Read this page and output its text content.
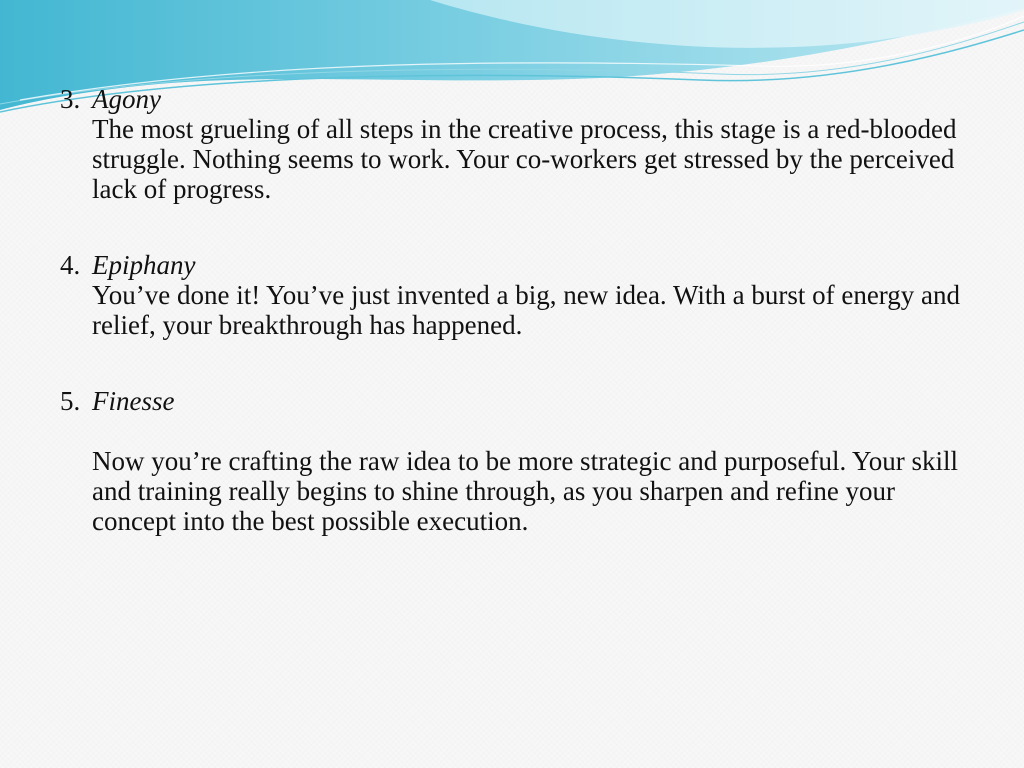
3. Agony
The most grueling of all steps in the creative process, this stage is a red-blooded struggle. Nothing seems to work. Your co-workers get stressed by the perceived lack of progress.
4. Epiphany
You’ve done it! You’ve just invented a big, new idea. With a burst of energy and relief, your breakthrough has happened.
5. Finesse
Now you’re crafting the raw idea to be more strategic and purposeful. Your skill and training really begins to shine through, as you sharpen and refine your concept into the best possible execution.
